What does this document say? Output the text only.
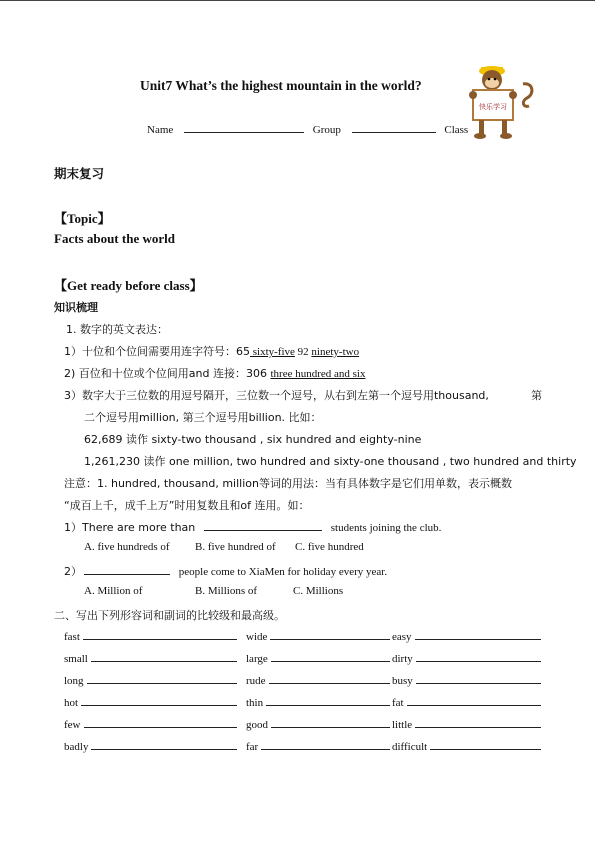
Unit7 What’s the highest mountain in the world?
快乐学习
Name	Group	Class
期末复习
【Topic】
Facts about the world
【Get ready before class】
知识梳理
1. 数字的英文表达：
1）十位和个位间需要用连字符号：65 sixty-five 92 ninety-two
2) 百位和十位或个位间用and 连接：306 three hundred and six
3）数字大于三位数的用逗号隔开，三位数一个逗号，从右到左第一个逗号用thousand,	第
二个逗号用million, 第三个逗号用billion. 比如：
62,689 读作 sixty-two thousand , six hundred and eighty-nine
1,261,230 读作 one million, two hundred and sixty-one thousand , two hundred and thirty
注意：1. hundred, thousand, million等词的用法：当有具体数字是它们用单数，表示概数
“成百上千，成千上万”时用复数且和of 连用。如：
1）There are more than	students joining the club.
A. five hundreds of B. five hundred of C. five hundred
2）	people come to XiaMen for holiday every year.
A. Million of	B. Millions of	C. Millions
二、写出下列形容词和副词的比较级和最高级。
fast	wide	easy
small	large	dirty
long	rude	busy
hot	thin	fat
few	good	little
badly	far	difficult
